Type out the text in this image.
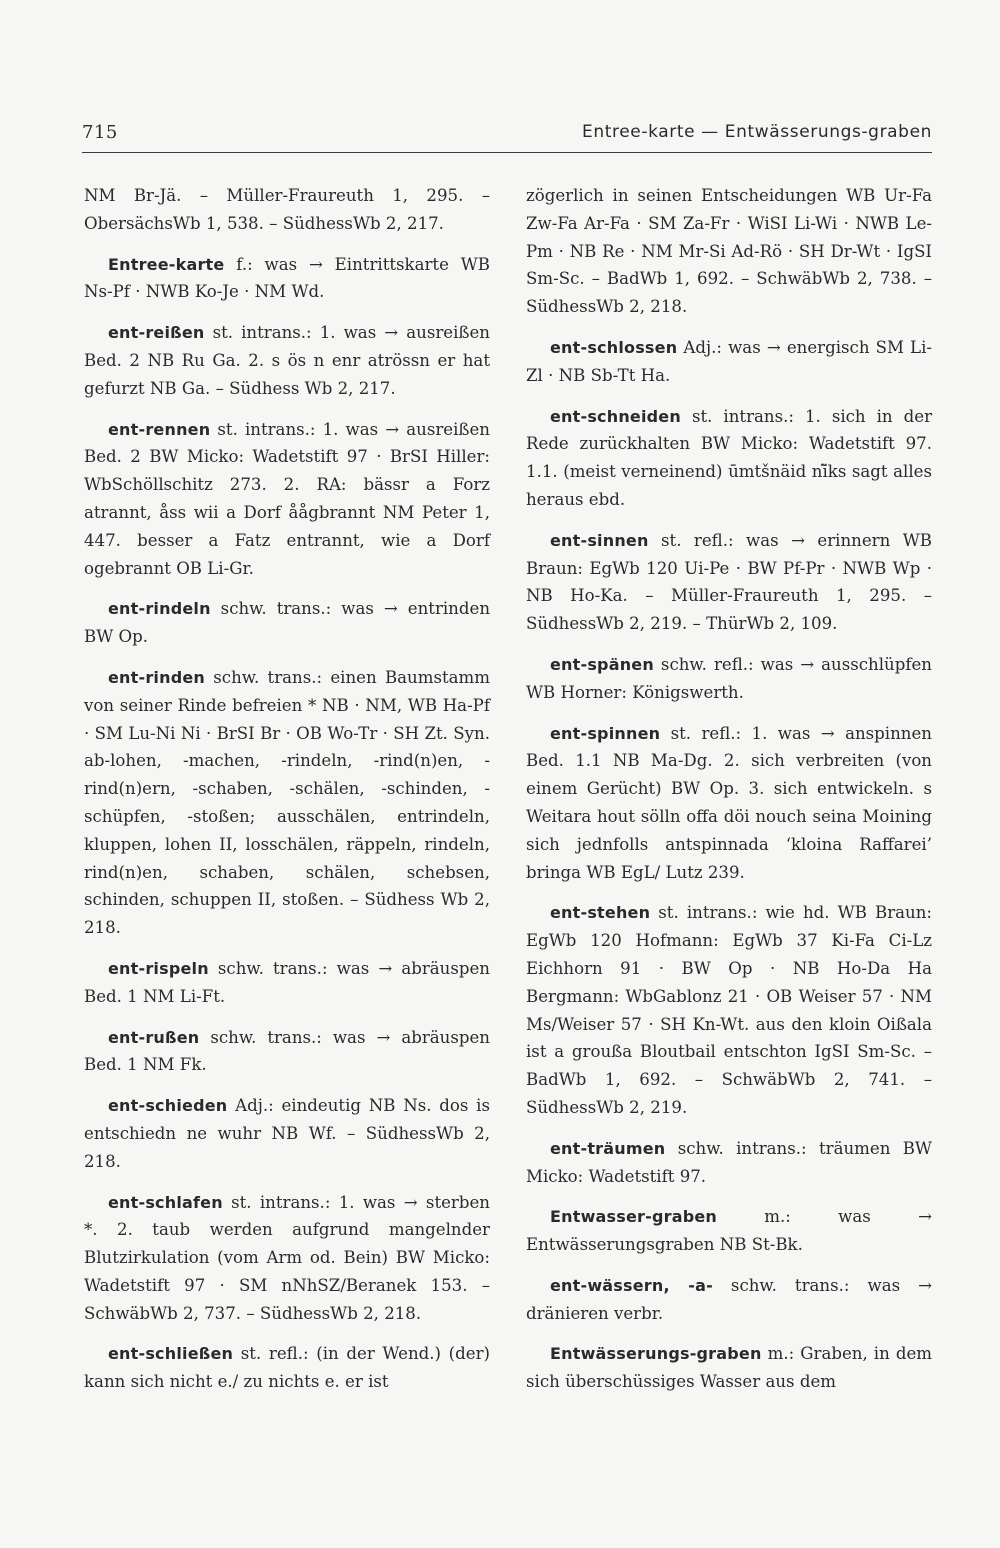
715	Entree-karte — Entwässerungs-graben

NM Br-Jä. – Müller-Fraureuth 1, 295. – ObersächsWb 1, 538. – SüdhessWb 2, 217.

Entree-karte f.: was → Eintrittskarte WB Ns-Pf · NWB Ko-Je · NM Wd.

ent-reißen st. intrans.: 1. was → ausreißen Bed. 2 NB Ru Ga. 2. s ös n enr atrössn er hat gefurzt NB Ga. – Südhess Wb 2, 217.

ent-rennen st. intrans.: 1. was → ausreißen Bed. 2 BW Micko: Wadetstift 97 · BrSI Hiller: WbSchöllschitz 273. 2. RA: bässr a Forz atrannt, åss wii a Dorf åågbrannt NM Peter 1, 447. besser a Fatz entrannt, wie a Dorf ogebrannt OB Li-Gr.

ent-rindeln schw. trans.: was → entrinden BW Op.

ent-rinden schw. trans.: einen Baumstamm von seiner Rinde befreien * NB · NM, WB Ha-Pf · SM Lu-Ni Ni · BrSI Br · OB Wo-Tr · SH Zt. Syn. ab-lohen, -machen, -rindeln, -rind(n)en, -rind(n)ern, -schaben, -schälen, -schinden, -schüpfen, -stoßen; ausschälen, entrindeln, kluppen, lohen II, losschälen, räppeln, rindeln, rind(n)en, schaben, schälen, schebsen, schinden, schuppen II, stoßen. – Südhess Wb 2, 218.

ent-rispeln schw. trans.: was → abräuspen Bed. 1 NM Li-Ft.

ent-rußen schw. trans.: was → abräuspen Bed. 1 NM Fk.

ent-schieden Adj.: eindeutig NB Ns. dos is entschiedn ne wuhr NB Wf. – SüdhessWb 2, 218.

ent-schlafen st. intrans.: 1. was → sterben *. 2. taub werden aufgrund mangelnder Blutzirkulation (vom Arm od. Bein) BW Micko: Wadetstift 97 · SM nNhSZ/Beranek 153. – SchwäbWb 2, 737. – SüdhessWb 2, 218.

ent-schließen st. refl.: (in der Wend.) (der) kann sich nicht e./ zu nichts e. er ist

zögerlich in seinen Entscheidungen WB Ur-Fa Zw-Fa Ar-Fa · SM Za-Fr · WiSI Li-Wi · NWB Le-Pm · NB Re · NM Mr-Si Ad-Rö · SH Dr-Wt · IgSI Sm-Sc. – BadWb 1, 692. – SchwäbWb 2, 738. – SüdhessWb 2, 218.

ent-schlossen Adj.: was → energisch SM Li-Zl · NB Sb-Tt Ha.

ent-schneiden st. intrans.: 1. sich in der Rede zurückhalten BW Micko: Wadetstift 97. 1.1. (meist verneinend) ūmtšnäid nī̃ks sagt alles heraus ebd.

ent-sinnen st. refl.: was → erinnern WB Braun: EgWb 120 Ui-Pe · BW Pf-Pr · NWB Wp · NB Ho-Ka. – Müller-Fraureuth 1, 295. – SüdhessWb 2, 219. – ThürWb 2, 109.

ent-spänen schw. refl.: was → ausschlüpfen WB Horner: Königswerth.

ent-spinnen st. refl.: 1. was → anspinnen Bed. 1.1 NB Ma-Dg. 2. sich verbreiten (von einem Gerücht) BW Op. 3. sich entwickeln. s Weitara hout sölln offa döi nouch seina Moining sich jednfolls antspinnada ‘kloina Raffarei’ bringa WB EgL/ Lutz 239.

ent-stehen st. intrans.: wie hd. WB Braun: EgWb 120 Hofmann: EgWb 37 Ki-Fa Ci-Lz Eichhorn 91 · BW Op · NB Ho-Da Ha Bergmann: WbGablonz 21 · OB Weiser 57 · NM Ms/Weiser 57 · SH Kn-Wt. aus den kloin Oißala ist a groußa Bloutbail entschton IgSI Sm-Sc. – BadWb 1, 692. – SchwäbWb 2, 741. – SüdhessWb 2, 219.

ent-träumen schw. intrans.: träumen BW Micko: Wadetstift 97.

Entwasser-graben m.: was → Entwässerungsgraben NB St-Bk.

ent-wässern, -a- schw. trans.: was → dränieren verbr.

Entwässerungs-graben m.: Graben, in dem sich überschüssiges Wasser aus dem
